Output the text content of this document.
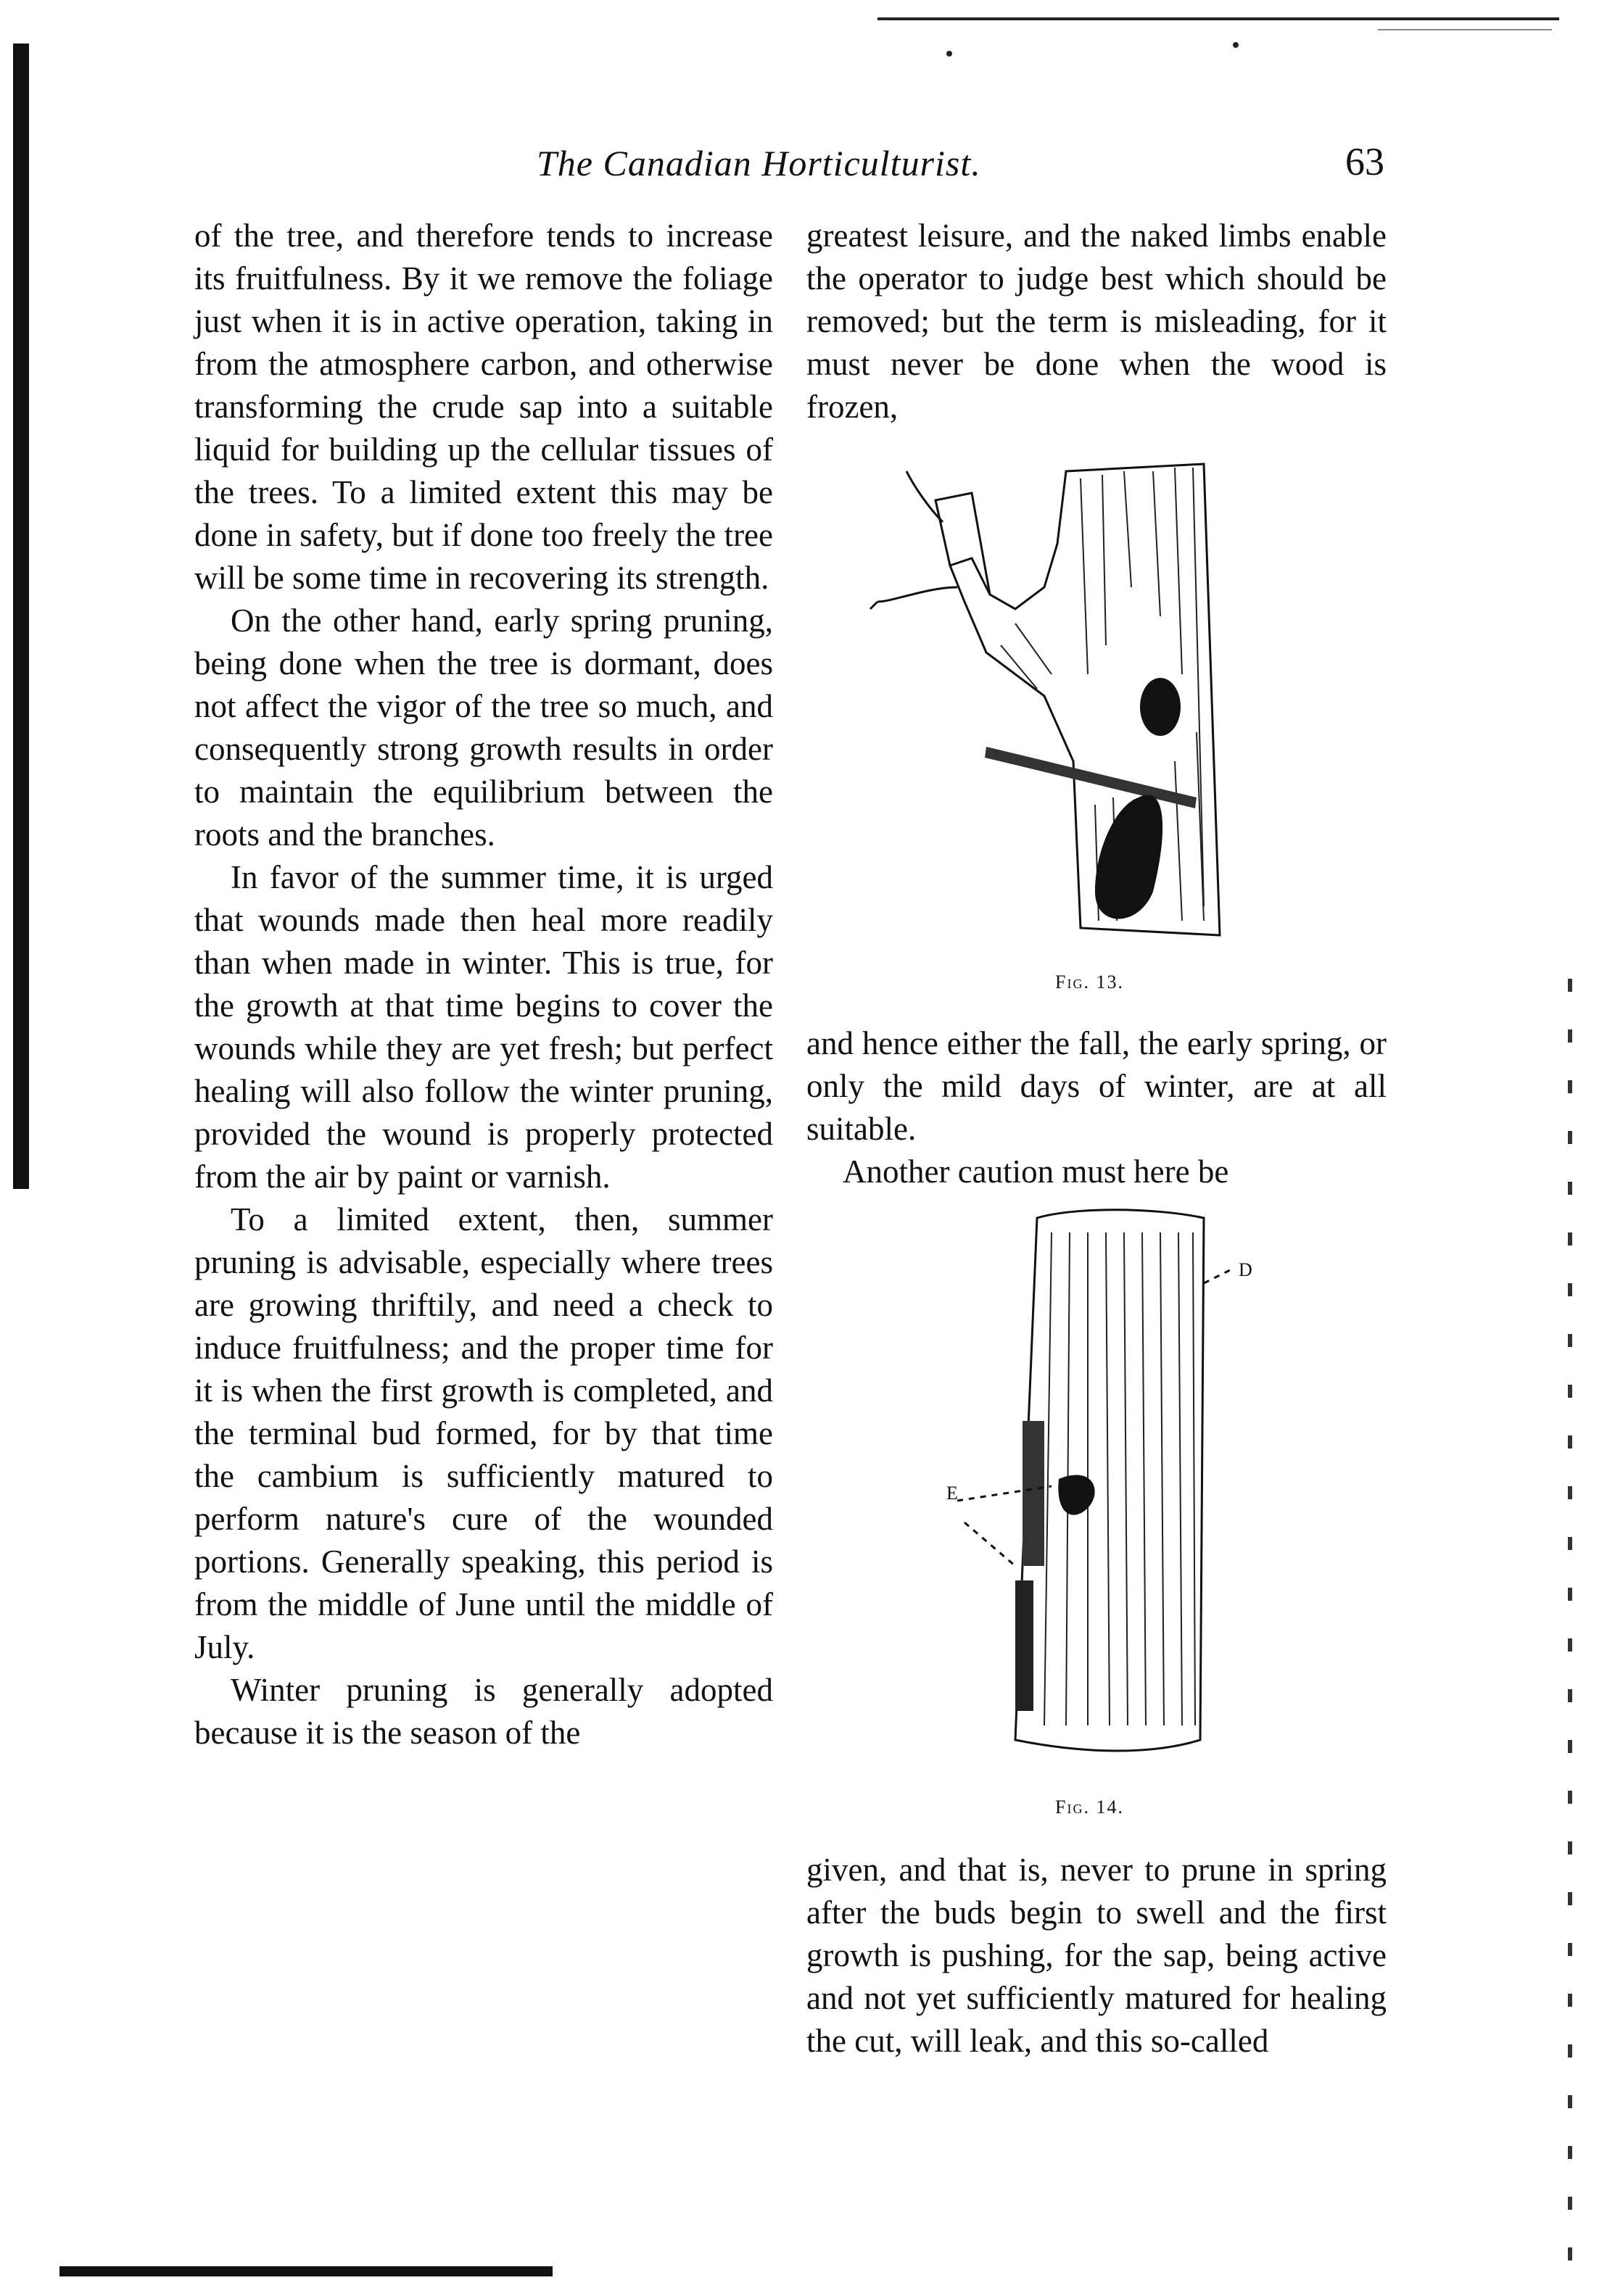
The Canadian Horticulturist.	63

of the tree, and therefore tends to increase its fruitfulness. By it we remove the foliage just when it is in active operation, taking in from the atmosphere carbon, and otherwise transforming the crude sap into a suitable liquid for building up the cellular tissues of the trees. To a limited extent this may be done in safety, but if done too freely the tree will be some time in recovering its strength.

On the other hand, early spring pruning, being done when the tree is dormant, does not affect the vigor of the tree so much, and consequently strong growth results in order to maintain the equilibrium between the roots and the branches.

In favor of the summer time, it is urged that wounds made then heal more readily than when made in winter. This is true, for the growth at that time begins to cover the wounds while they are yet fresh; but perfect healing will also follow the winter pruning, provided the wound is properly protected from the air by paint or varnish.

To a limited extent, then, summer pruning is advisable, especially where trees are growing thriftily, and need a check to induce fruitfulness; and the proper time for it is when the first growth is completed, and the terminal bud formed, for by that time the cambium is sufficiently matured to perform nature's cure of the wounded portions. Generally speaking, this period is from the middle of June until the middle of July.

Winter pruning is generally adopted because it is the season of the

greatest leisure, and the naked limbs enable the operator to judge best which should be removed; but the term is misleading, for it must never be done when the wood is frozen,

Fig. 13.

and hence either the fall, the early spring, or only the mild days of winter, are at all suitable.

Another caution must here be

D
E
Fig. 14.

given, and that is, never to prune in spring after the buds begin to swell and the first growth is pushing, for the sap, being active and not yet sufficiently matured for healing the cut, will leak, and this so-called
